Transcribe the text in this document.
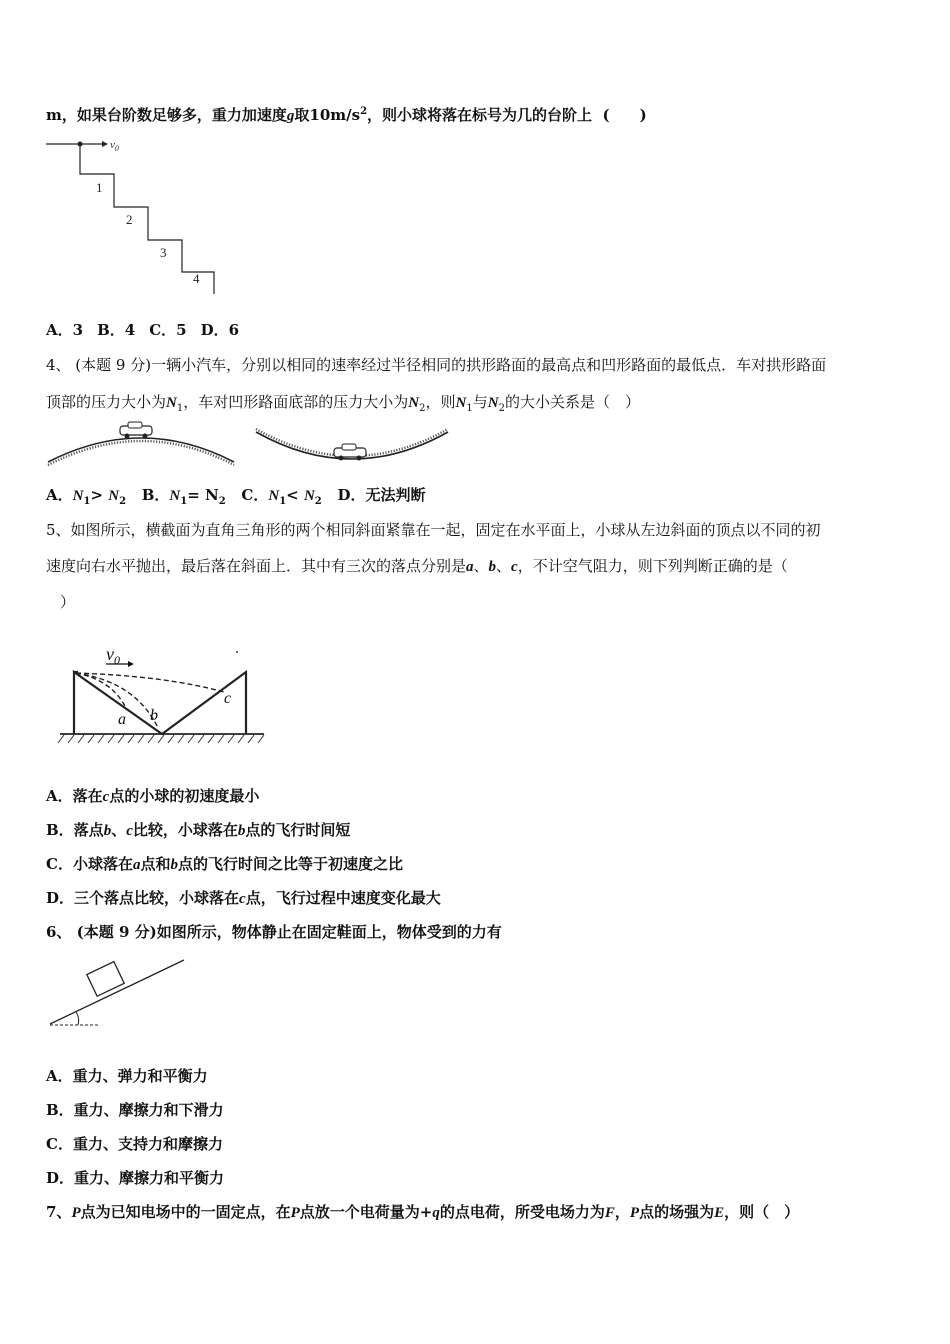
m，如果台阶数足够多，重力加速度g取$10m/s^2$，则小球将落在标号为几的台阶上 (　　)
$v_0$
1
2
3
4
A．3 B．4 C．5 D．6
4、 (本题 9 分)一辆小汽车，分别以相同的速率经过半径相同的拱形路面的最高点和凹形路面的最低点．车对拱形路面
顶部的压力大小为$N_1$，车对凹形路面底部的压力大小为$N_2$，则$N_1$与$N_2$的大小关系是（　）
A．$N_1> N_2$ B．$N_1= N_2$ C．$N_1< N_2$ D．无法判断
5、如图所示，横截面为直角三角形的两个相同斜面紧靠在一起，固定在水平面上，小球从左边斜面的顶点以不同的初
速度向右水平抛出，最后落在斜面上．其中有三次的落点分别是a、b、c，不计空气阻力，则下列判断正确的是（
）
$v_0$
a b
c
A．落在c点的小球的初速度最小
B．落点b、c比较，小球落在b点的飞行时间短
C．小球落在a点和b点的飞行时间之比等于初速度之比
D．三个落点比较，小球落在c点，飞行过程中速度变化最大
6、 (本题 9 分)如图所示，物体静止在固定鞋面上，物体受到的力有
A．重力、弹力和平衡力
B．重力、摩擦力和下滑力
C．重力、支持力和摩擦力
D．重力、摩擦力和平衡力
7、P点为已知电场中的一固定点，在P点放一个电荷量为+q的点电荷，所受电场力为F，P点的场强为E，则（　）
